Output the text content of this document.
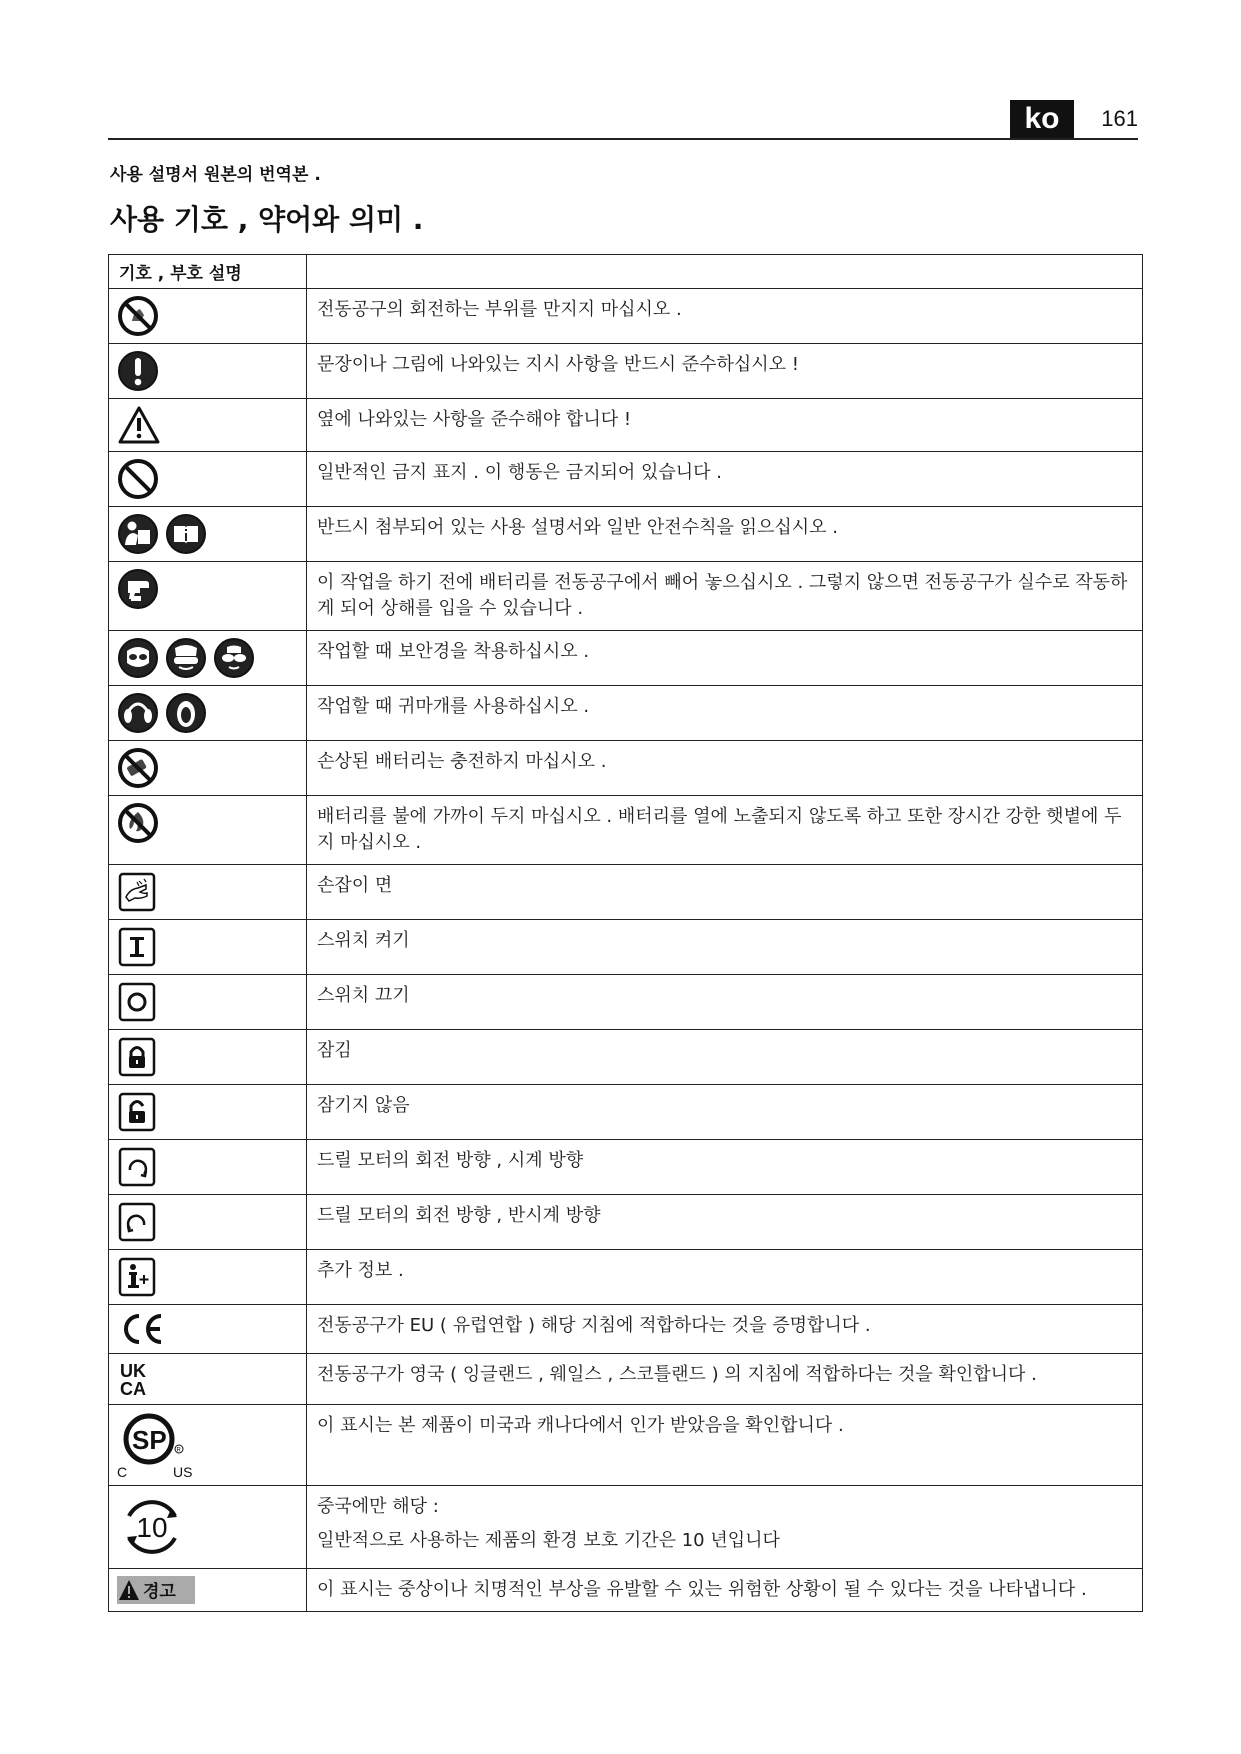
ko	161
사용 설명서 원본의 번역본 .
사용 기호 , 약어와 의미 .
기호 , 부호 설명	

전동공구의 회전하는 부위를 만지지 마십시오 .

문장이나 그림에 나와있는 지시 사항을 반드시 준수하십시오 !

옆에 나와있는 사항을 준수해야 합니다 !

일반적인 금지 표지 . 이 행동은 금지되어 있습니다 .

반드시 첨부되어 있는 사용 설명서와 일반 안전수칙을 읽으십시오 .

이 작업을 하기 전에 배터리를 전동공구에서 빼어 놓으십시오 . 그렇지 않으면 전동공구가 실수로 작동하게 되어 상해를 입을 수 있습니다 .

작업할 때 보안경을 착용하십시오 .

작업할 때 귀마개를 사용하십시오 .

손상된 배터리는 충전하지 마십시오 .

배터리를 불에 가까이 두지 마십시오 . 배터리를 열에 노출되지 않도록 하고 또한 장시간 강한 햇볕에 두지 마십시오 .

손잡이 면

스위치 켜기

스위치 끄기

잠김

잠기지 않음

드릴 모터의 회전 방향 , 시계 방향

드릴 모터의 회전 방향 , 반시계 방향

추가 정보 .

전동공구가 EU ( 유럽연합 ) 해당 지침에 적합하다는 것을 증명합니다 .

UK
CA	전동공구가 영국 ( 잉글랜드 , 웨일스 , 스코틀랜드 ) 의 지침에 적합하다는 것을 확인합니다 .

SP R
C US	이 표시는 본 제품이 미국과 캐나다에서 인가 받았음을 확인합니다 .

10	중국에만 해당 :
일반적으로 사용하는 제품의 환경 보호 기간은 10 년입니다

경고	이 표시는 중상이나 치명적인 부상을 유발할 수 있는 위험한 상황이 될 수 있다는 것을 나타냅니다 .
